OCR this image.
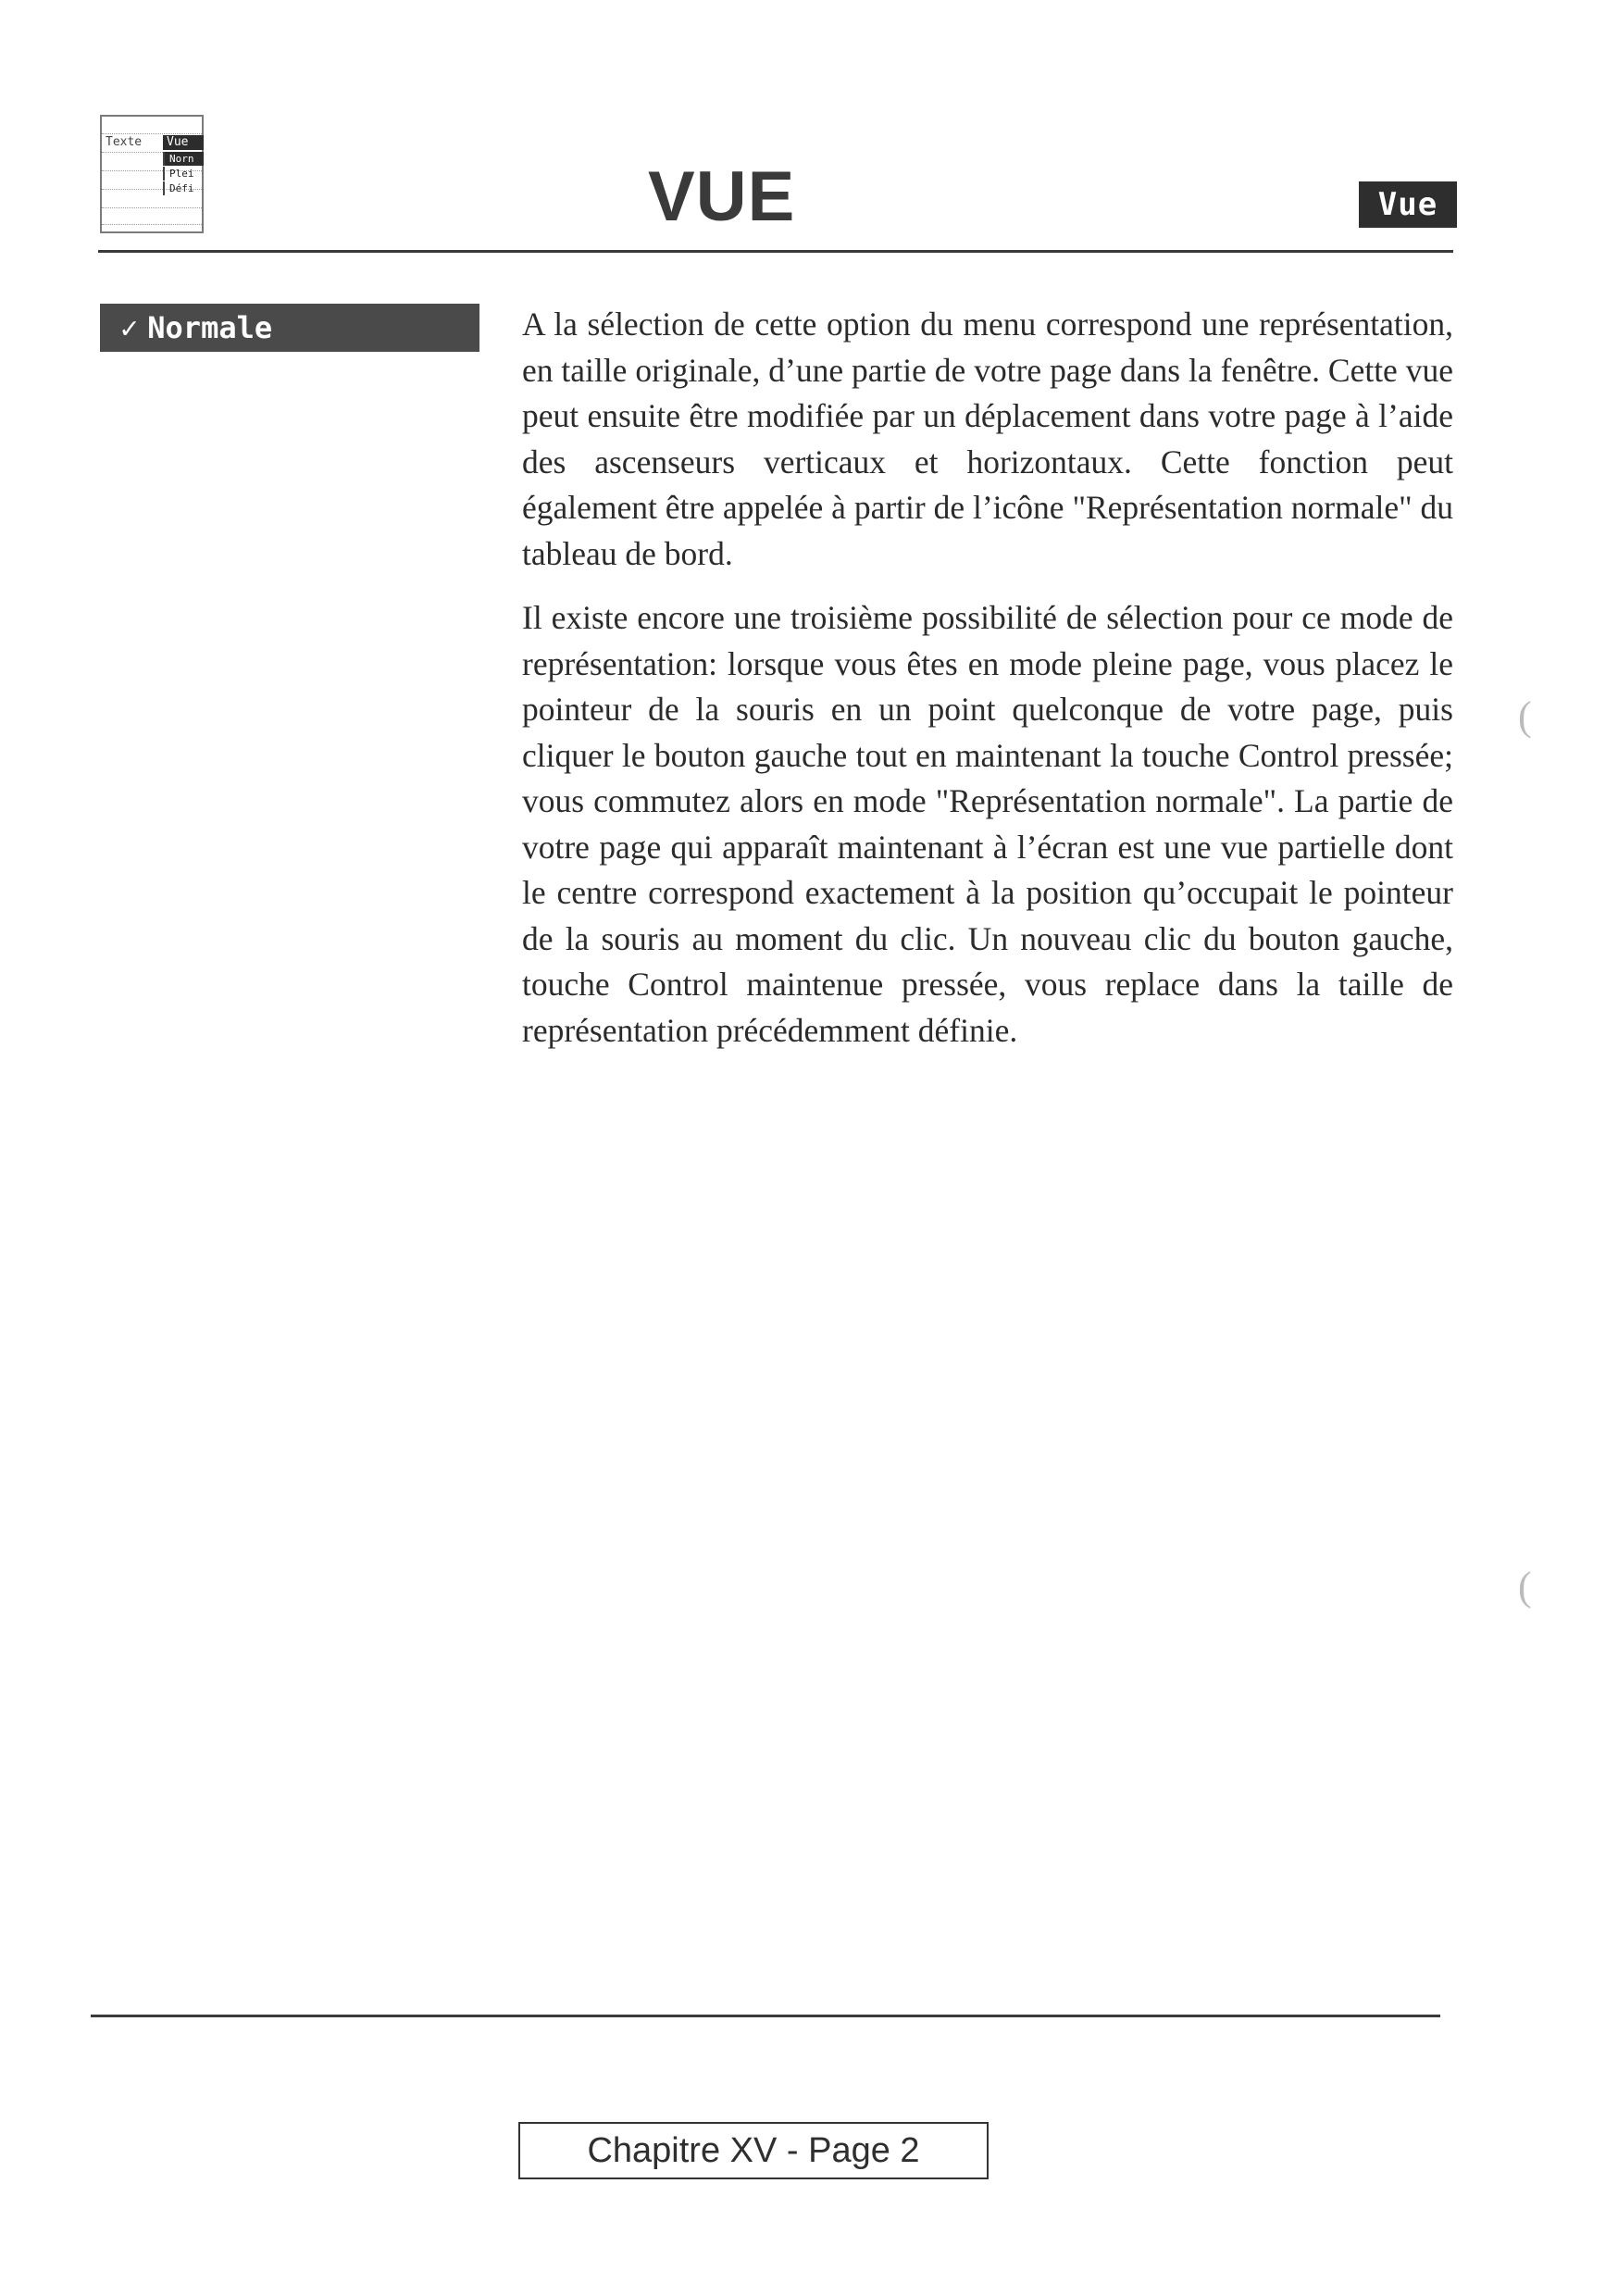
Texte	Vue
Norn
Plei
Défi	VUE	Vue
✓ Normale	A la sélection de cette option du menu correspond une représentation, en taille originale, d’une partie de votre page dans la fenêtre. Cette vue peut ensuite être modifiée par un déplacement dans votre page à l’aide des ascenseurs verticaux et horizontaux. Cette fonction peut également être appelée à partir de l’icône "Représentation normale" du tableau de bord.

Il existe encore une troisième possibilité de sélection pour ce mode de représentation: lorsque vous êtes en mode pleine page, vous placez le pointeur de la souris en un point quelconque de votre page, puis cliquer le bouton gauche tout en maintenant la touche Control pressée; vous commutez alors en mode "Représentation normale". La partie de votre page qui apparaît maintenant à l’écran est une vue partielle dont le centre correspond exactement à la position qu’occupait le pointeur de la souris au moment du clic. Un nouveau clic du bouton gauche, touche Control maintenue pressée, vous replace dans la taille de représentation précédemment définie.

(
(
Chapitre XV - Page 2
